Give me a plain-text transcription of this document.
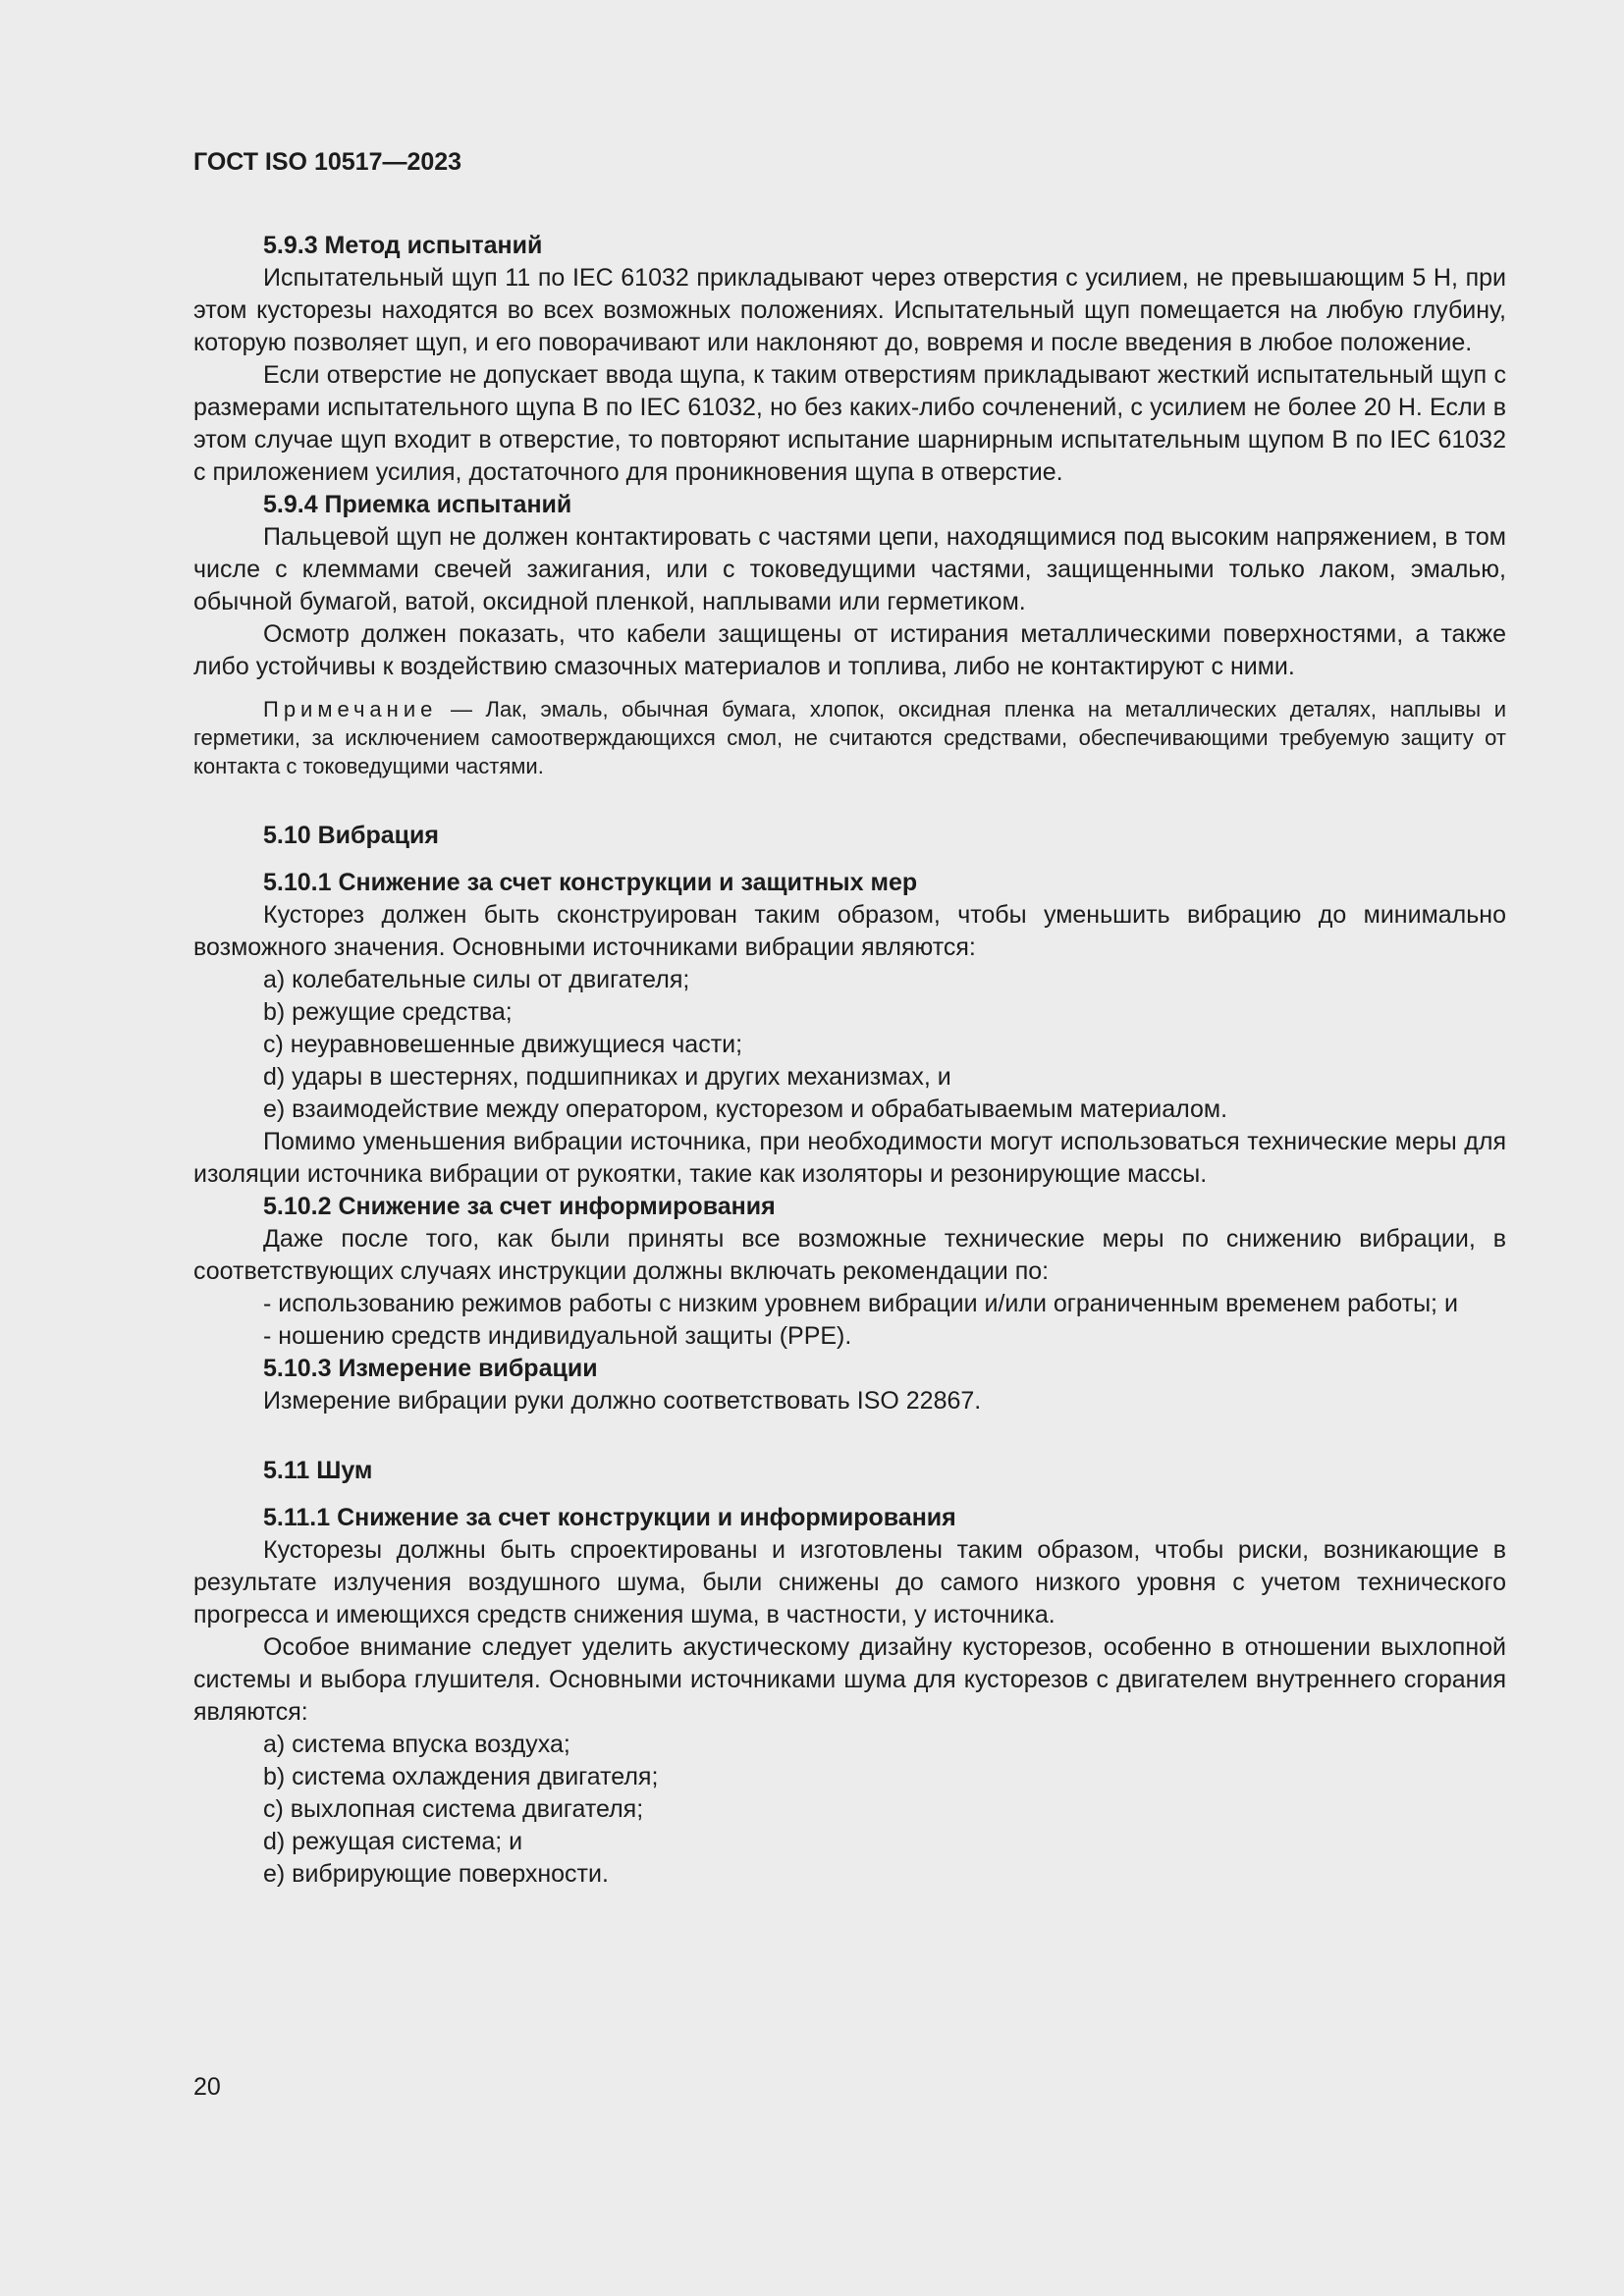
ГОСТ ISO 10517—2023
5.9.3 Метод испытаний

Испытательный щуп 11 по IEC 61032 прикладывают через отверстия с усилием, не превышающим 5 Н, при этом кусторезы находятся во всех возможных положениях. Испытательный щуп помещается на любую глубину, которую позволяет щуп, и его поворачивают или наклоняют до, вовремя и после введения в любое положение.

Если отверстие не допускает ввода щупа, к таким отверстиям прикладывают жесткий испытательный щуп с размерами испытательного щупа В по IEC 61032, но без каких-либо сочленений, с усилием не более 20 Н. Если в этом случае щуп входит в отверстие, то повторяют испытание шарнирным испытательным щупом В по IEC 61032 с приложением усилия, достаточного для проникновения щупа в отверстие.

5.9.4 Приемка испытаний

Пальцевой щуп не должен контактировать с частями цепи, находящимися под высоким напряжением, в том числе с клеммами свечей зажигания, или с токоведущими частями, защищенными только лаком, эмалью, обычной бумагой, ватой, оксидной пленкой, наплывами или герметиком.

Осмотр должен показать, что кабели защищены от истирания металлическими поверхностями, а также либо устойчивы к воздействию смазочных материалов и топлива, либо не контактируют с ними.

Примечание — Лак, эмаль, обычная бумага, хлопок, оксидная пленка на металлических деталях, наплывы и герметики, за исключением самоотверждающихся смол, не считаются средствами, обеспечивающими требуемую защиту от контакта с токоведущими частями.

5.10 Вибрация
5.10.1 Снижение за счет конструкции и защитных мер

Кусторез должен быть сконструирован таким образом, чтобы уменьшить вибрацию до минимально возможного значения. Основными источниками вибрации являются:

a) колебательные силы от двигателя;
b) режущие средства;
c) неуравновешенные движущиеся части;
d) удары в шестернях, подшипниках и других механизмах, и
e) взаимодействие между оператором, кусторезом и обрабатываемым материалом.

Помимо уменьшения вибрации источника, при необходимости могут использоваться технические меры для изоляции источника вибрации от рукоятки, такие как изоляторы и резонирующие массы.

5.10.2 Снижение за счет информирования

Даже после того, как были приняты все возможные технические меры по снижению вибрации, в соответствующих случаях инструкции должны включать рекомендации по:

- использованию режимов работы с низким уровнем вибрации и/или ограниченным временем работы; и

- ношению средств индивидуальной защиты (PPE).

5.10.3 Измерение вибрации

Измерение вибрации руки должно соответствовать ISO 22867.

5.11 Шум
5.11.1 Снижение за счет конструкции и информирования

Кусторезы должны быть спроектированы и изготовлены таким образом, чтобы риски, возникающие в результате излучения воздушного шума, были снижены до самого низкого уровня с учетом технического прогресса и имеющихся средств снижения шума, в частности, у источника.

Особое внимание следует уделить акустическому дизайну кусторезов, особенно в отношении выхлопной системы и выбора глушителя. Основными источниками шума для кусторезов с двигателем внутреннего сгорания являются:

a) система впуска воздуха;
b) система охлаждения двигателя;
c) выхлопная система двигателя;
d) режущая система; и
e) вибрирующие поверхности.
20
